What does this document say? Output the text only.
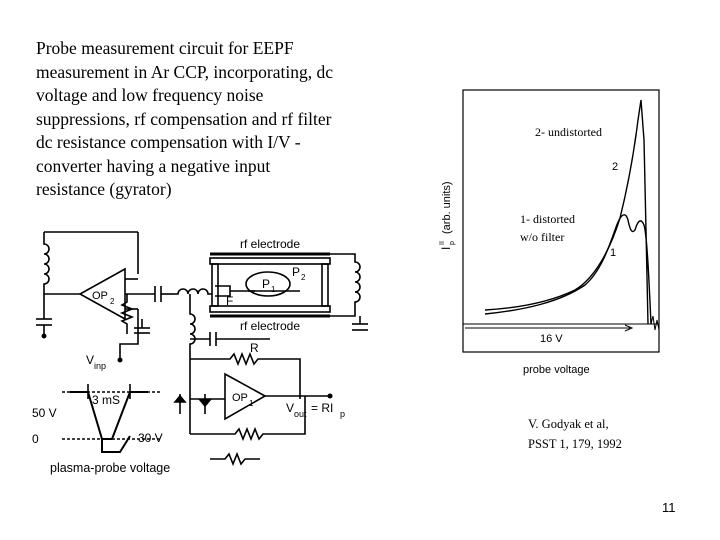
Probe measurement circuit for EEPF
measurement in Ar CCP, incorporating, dc
voltage and low frequency noise
suppressions, rf compensation and rf filter
dc resistance compensation with I/V -
converter having a negative input
resistance (gyrator)
rf electrode
rf electrode
OP 2
P 2
P 1
F
R
OP 1
V inp
V out = RI p
50 V
0	30 V
3 mS
plasma-probe voltage
I
II p
(arb. units)
16 V
probe voltage
2
1
2- undistorted
1- distorted
w/o filter
V. Godyak et al,
PSST 1, 179, 1992
11
